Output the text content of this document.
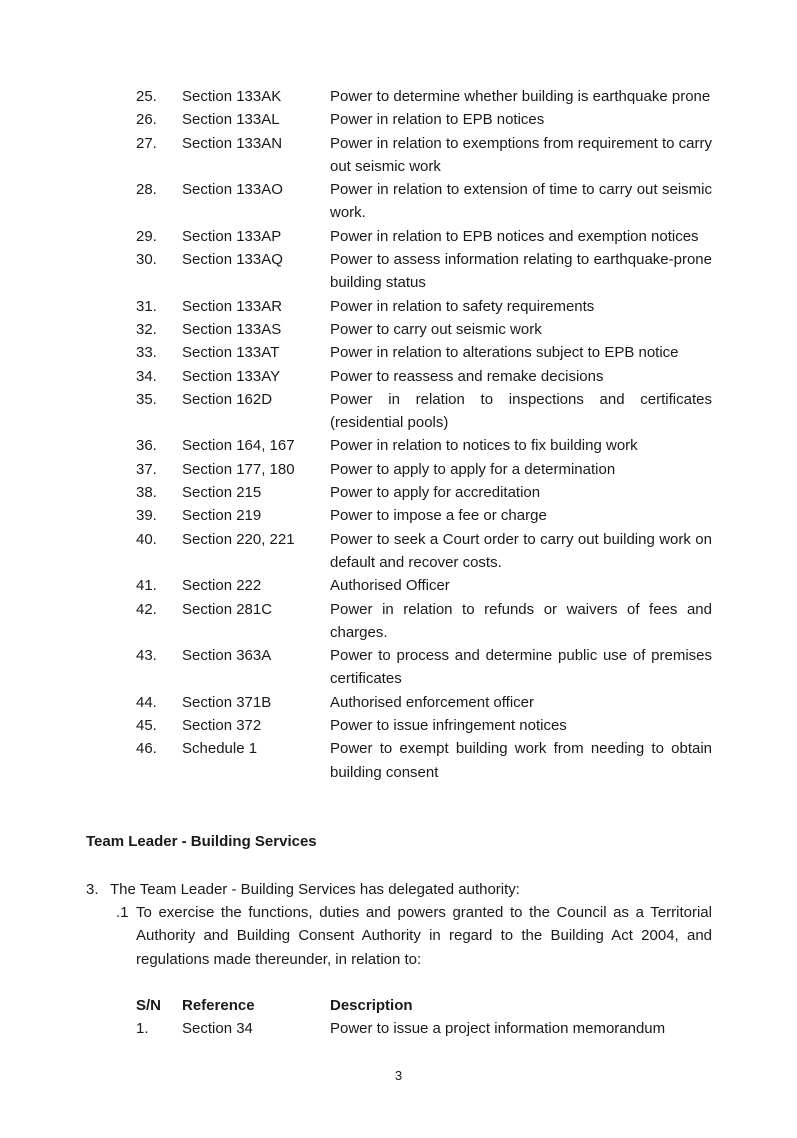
25.	Section 133AK	Power to determine whether building is earthquake prone
26.	Section 133AL	Power in relation to EPB notices
27.	Section 133AN	Power in relation to exemptions from requirement to carry out seismic work
28.	Section 133AO	Power in relation to extension of time to carry out seismic work.
29.	Section 133AP	Power in relation to EPB notices and exemption notices
30.	Section 133AQ	Power to assess information relating to earthquake-prone building status
31.	Section 133AR	Power in relation to safety requirements
32.	Section 133AS	Power to carry out seismic work
33.	Section 133AT	Power in relation to alterations subject to EPB notice
34.	Section 133AY	Power to reassess and remake decisions
35.	Section 162D	Power in relation to inspections and certificates (residential pools)
36.	Section 164, 167	Power in relation to notices to fix building work
37.	Section 177, 180	Power to apply to apply for a determination
38.	Section 215	Power to apply for accreditation
39.	Section 219	Power to impose a fee or charge
40.	Section 220, 221	Power to seek a Court order to carry out building work on default and recover costs.
41.	Section 222	Authorised Officer
42.	Section 281C	Power in relation to refunds or waivers of fees and charges.
43.	Section 363A	Power to process and determine public use of premises certificates
44.	Section 371B	Authorised enforcement officer
45.	Section 372	Power to issue infringement notices
46.	Schedule 1	Power to exempt building work from needing to obtain building consent
Team Leader - Building Services
3. The Team Leader - Building Services has delegated authority:
.1 To exercise the functions, duties and powers granted to the Council as a Territorial Authority and Building Consent Authority in regard to the Building Act 2004, and regulations made thereunder, in relation to:
S/N	Reference	Description
1.	Section 34	Power to issue a project information memorandum
3
